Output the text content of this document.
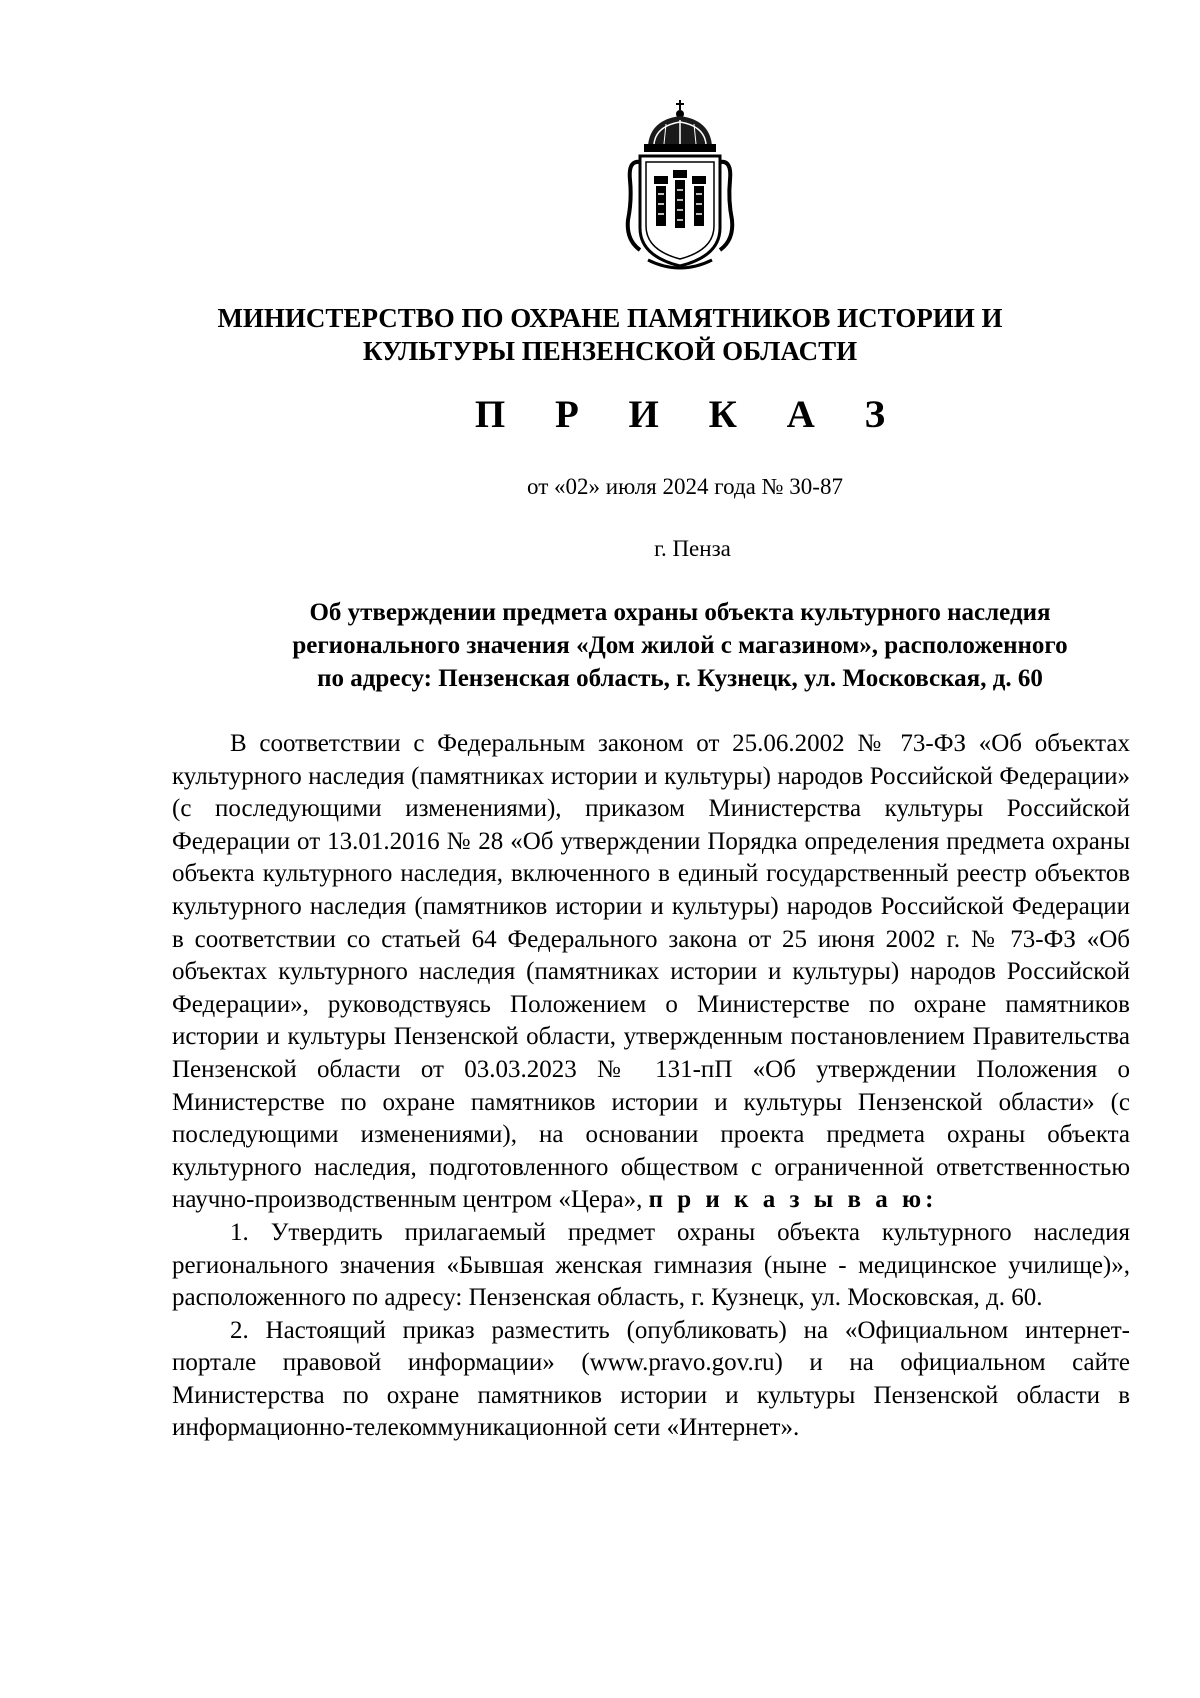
МИНИСТЕРСТВО ПО ОХРАНЕ ПАМЯТНИКОВ ИСТОРИИ И
КУЛЬТУРЫ ПЕНЗЕНСКОЙ ОБЛАСТИ
П Р И К А З
от «02» июля 2024 года № 30-87
г. Пенза
Об утверждении предмета охраны объекта культурного наследия
регионального значения «Дом жилой с магазином», расположенного
по адресу: Пензенская область, г. Кузнецк, ул. Московская, д. 60

В соответствии с Федеральным законом от 25.06.2002 № 73-ФЗ «Об объектах культурного наследия (памятниках истории и культуры) народов Российской Федерации» (с последующими изменениями), приказом Министерства культуры Российской Федерации от 13.01.2016 № 28 «Об утверждении Порядка определения предмета охраны объекта культурного наследия, включенного в единый государственный реестр объектов культурного наследия (памятников истории и культуры) народов Российской Федерации в соответствии со статьей 64 Федерального закона от 25 июня 2002 г. № 73-ФЗ «Об объектах культурного наследия (памятниках истории и культуры) народов Российской Федерации», руководствуясь Положением о Министерстве по охране памятников истории и культуры Пензенской области, утвержденным постановлением Правительства Пензенской области от 03.03.2023 № 131-пП «Об утверждении Положения о Министерстве по охране памятников истории и культуры Пензенской области» (с последующими изменениями), на основании проекта предмета охраны объекта культурного наследия, подготовленного обществом с ограниченной ответственностью научно-производственным центром «Цера», п р и к а з ы в а ю:

1. Утвердить прилагаемый предмет охраны объекта культурного наследия регионального значения «Бывшая женская гимназия (ныне - медицинское училище)», расположенного по адресу: Пензенская область, г. Кузнецк, ул. Московская, д. 60.

2. Настоящий приказ разместить (опубликовать) на «Официальном интернет-портале правовой информации» (www.pravo.gov.ru) и на официальном сайте Министерства по охране памятников истории и культуры Пензенской области в информационно-телекоммуникационной сети «Интернет».
